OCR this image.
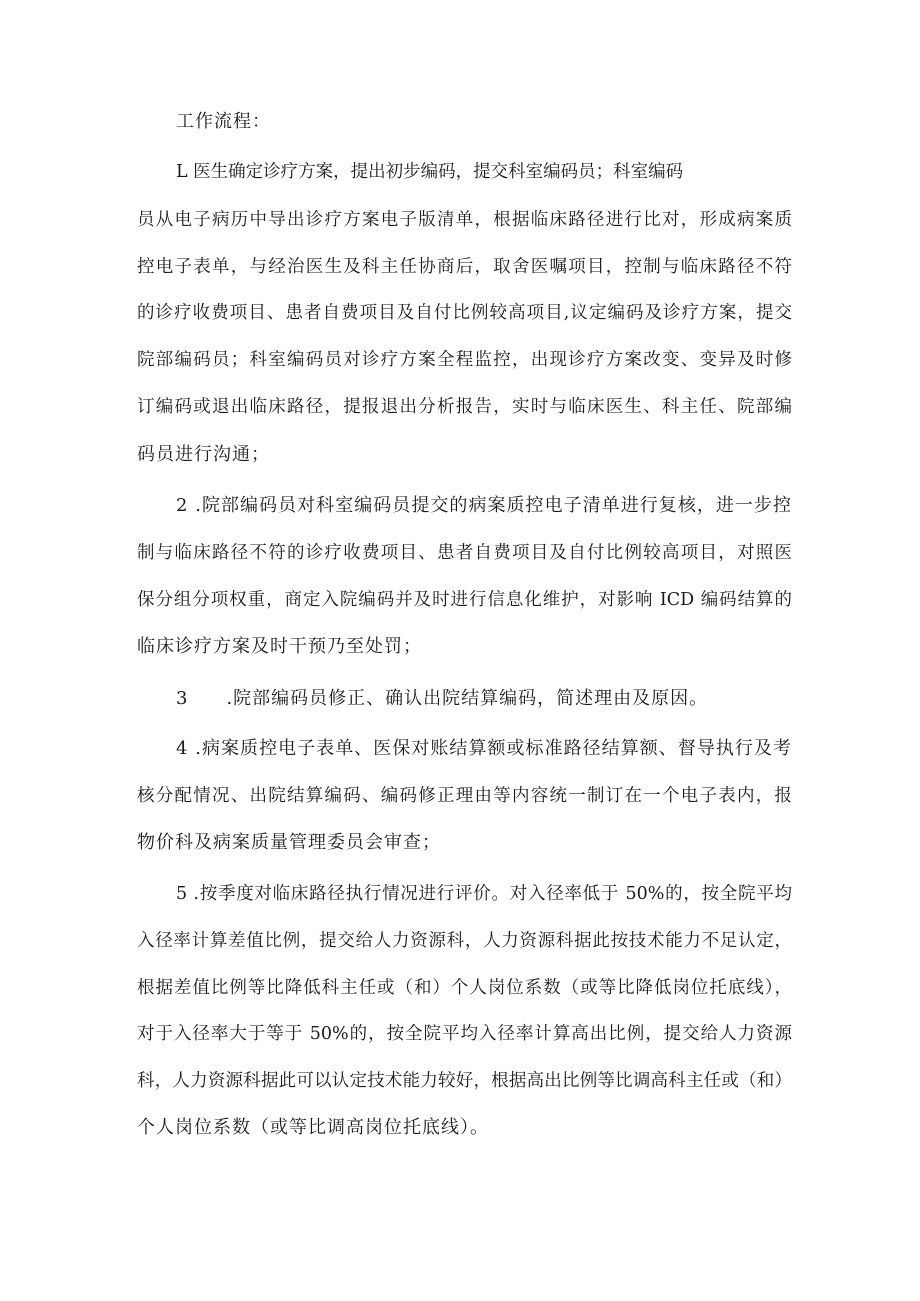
工作流程：
L 医生确定诊疗方案，提出初步编码，提交科室编码员；科室编码
员从电子病历中导出诊疗方案电子版清单，根据临床路径进行比对，形成病案质
控电子表单，与经治医生及科主任协商后，取舍医嘱项目，控制与临床路径不符
的诊疗收费项目、患者自费项目及自付比例较高项目,议定编码及诊疗方案，提交
院部编码员；科室编码员对诊疗方案全程监控，出现诊疗方案改变、变异及时修
订编码或退出临床路径，提报退出分析报告，实时与临床医生、科主任、院部编
码员进行沟通；
2 .院部编码员对科室编码员提交的病案质控电子清单进行复核，进一步控
制与临床路径不符的诊疗收费项目、患者自费项目及自付比例较高项目，对照医
保分组分项权重，商定入院编码并及时进行信息化维护，对影响 ICD 编码结算的
临床诊疗方案及时干预乃至处罚；
3 .院部编码员修正、确认出院结算编码，简述理由及原因。
4 .病案质控电子表单、医保对账结算额或标准路径结算额、督导执行及考
核分配情况、出院结算编码、编码修正理由等内容统一制订在一个电子表内，报
物价科及病案质量管理委员会审查；
5 .按季度对临床路径执行情况进行评价。对入径率低于 50%的，按全院平均
入径率计算差值比例，提交给人力资源科，人力资源科据此按技术能力不足认定，
根据差值比例等比降低科主任或（和）个人岗位系数（或等比降低岗位托底线），
对于入径率大于等于 50%的，按全院平均入径率计算高出比例，提交给人力资源
科，人力资源科据此可以认定技术能力较好，根据高出比例等比调高科主任或（和）
个人岗位系数（或等比调高岗位托底线）。
